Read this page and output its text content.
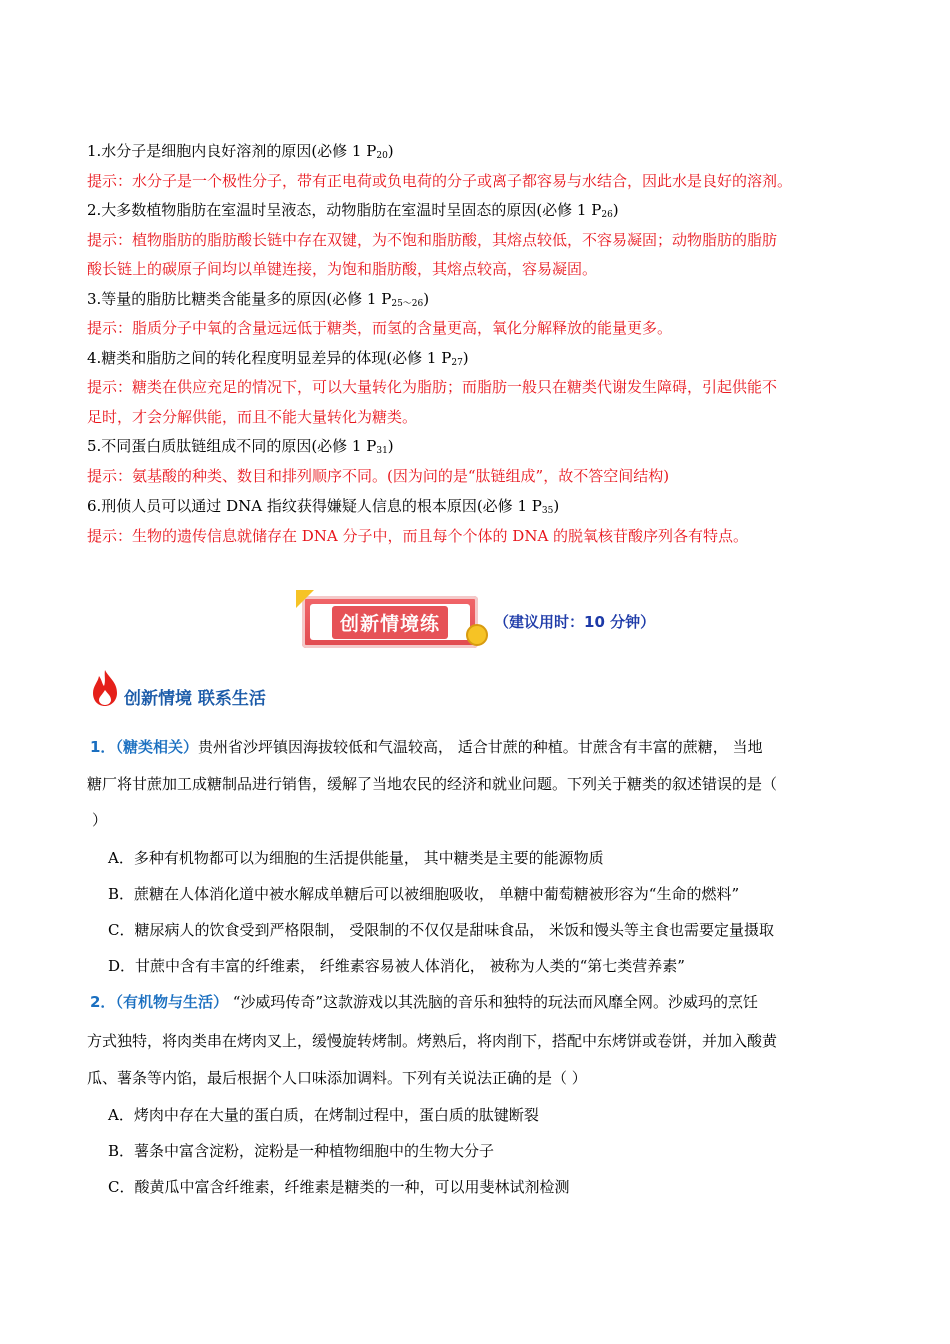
1.水分子是细胞内良好溶剂的原因(必修 1 $P_{20}$)
提示：水分子是一个极性分子，带有正电荷或负电荷的分子或离子都容易与水结合，因此水是良好的溶剂。
2.大多数植物脂肪在室温时呈液态，动物脂肪在室温时呈固态的原因(必修 1 $P_{26}$)
提示：植物脂肪的脂肪酸长链中存在双键，为不饱和脂肪酸，其熔点较低，不容易凝固；动物脂肪的脂肪
酸长链上的碳原子间均以单键连接，为饱和脂肪酸，其熔点较高，容易凝固。
3.等量的脂肪比糖类含能量多的原因(必修 1 $P_{25\sim 26}$)
提示：脂质分子中氧的含量远远低于糖类，而氢的含量更高，氧化分解释放的能量更多。
4.糖类和脂肪之间的转化程度明显差异的体现(必修 1 $P_{27}$)
提示：糖类在供应充足的情况下，可以大量转化为脂肪；而脂肪一般只在糖类代谢发生障碍，引起供能不
足时，才会分解供能，而且不能大量转化为糖类。
5.不同蛋白质肽链组成不同的原因(必修 1 $P_{31}$)
提示：氨基酸的种类、数目和排列顺序不同。(因为问的是“肽链组成”，故不答空间结构)
6.刑侦人员可以通过 DNA 指纹获得嫌疑人信息的根本原因(必修 1 $P_{35}$)
提示：生物的遗传信息就储存在 DNA 分子中，而且每个个体的 DNA 的脱氧核苷酸序列各有特点。
创新情境练	（建议用时：10 分钟）
创新情境 联系生活
1．（糖类相关）贵州省沙坪镇因海拔较低和气温较高， 适合甘蔗的种植。甘蔗含有丰富的蔗糖， 当地
糖厂将甘蔗加工成糖制品进行销售，缓解了当地农民的经济和就业问题。下列关于糖类的叙述错误的是（
）
A．多种有机物都可以为细胞的生活提供能量， 其中糖类是主要的能源物质
B．蔗糖在人体消化道中被水解成单糖后可以被细胞吸收， 单糖中葡萄糖被形容为“生命的燃料”
C．糖尿病人的饮食受到严格限制， 受限制的不仅仅是甜味食品， 米饭和馒头等主食也需要定量摄取
D．甘蔗中含有丰富的纤维素， 纤维素容易被人体消化， 被称为人类的“第七类营养素”
2．（有机物与生活） “沙威玛传奇”这款游戏以其洗脑的音乐和独特的玩法而风靡全网。沙威玛的烹饪
方式独特，将肉类串在烤肉叉上，缓慢旋转烤制。烤熟后，将肉削下，搭配中东烤饼或卷饼，并加入酸黄
瓜、薯条等内馅，最后根据个人口味添加调料。下列有关说法正确的是（ ）
A．烤肉中存在大量的蛋白质，在烤制过程中，蛋白质的肽键断裂
B．薯条中富含淀粉，淀粉是一种植物细胞中的生物大分子
C．酸黄瓜中富含纤维素，纤维素是糖类的一种，可以用斐林试剂检测
